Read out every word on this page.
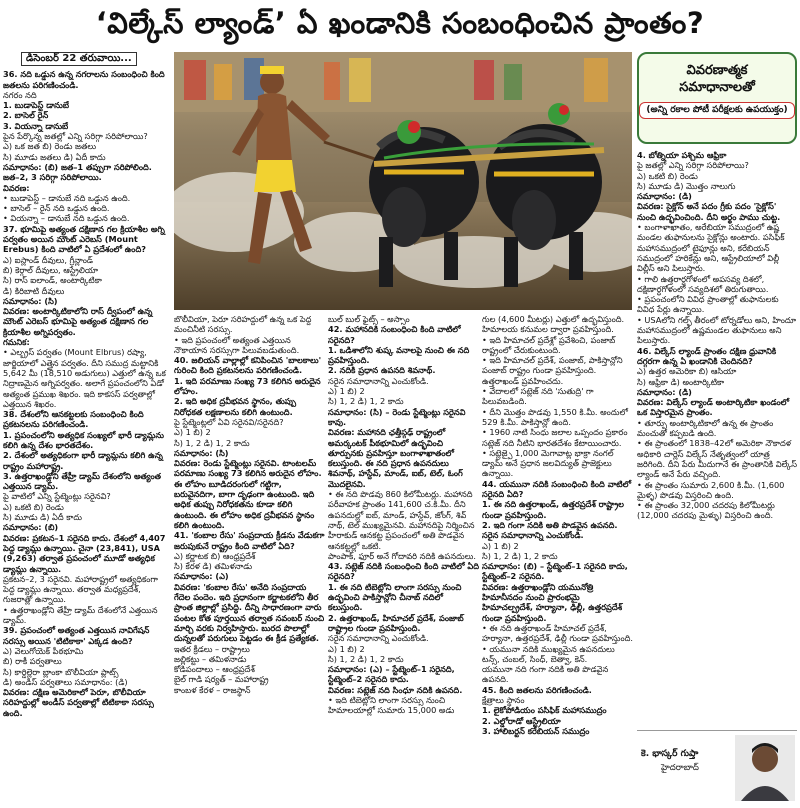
‘విల్కేస్ ల్యాండ్’ ఏ ఖండానికి సంబంధించిన ప్రాంతం?
డిసెంబర్ 22 తరువాయి...

36. నది ఒడ్డున ఉన్న నగరాలను సంబంధించి కింది జతలను పరిగణించండి.

నగరం నది

1. బుడాపెస్ట్ డానుబే

2. బాసెల్ రైన్

3. వియన్నా డానుబే

పైన పేర్కొన్న జతల్లో ఎన్ని సరిగ్గా సరిపోలాయి?

ఎ) ఒక జత బి) రెండు జతలు

సి) మూడు జతలు డి) ఏదీ కాదు

సమాధానం: (బి) జత–1 తప్పుగా సరిపోలింది. జత–2, 3 సరిగ్గా సరిపోలాయి.

వివరణ:

• బుడాపెస్ట్ – డానుబే నది ఒడ్డున ఉంది.

• బాసెల్ – రైన్ నది ఒడ్డున ఉంది.

• వియన్నా – డానుబే నది ఒడ్డున ఉంది.

37. భూమిపై అత్యంత దక్షిణాన గల క్రియాశీల అగ్ని పర్వతం అయిన మౌంట్ ఎరెబస్ (Mount Erebus) కింది వాటిలో ఏ ప్రదేశంలో ఉంది?

ఎ) ఐస్లాండ్ దీవులు, గ్రీన్లాండ్

బి) కెర్గాల్ దీవులు, ఆస్ట్రేలియా

సి) రాస్ ఐలాండ్, అంటార్కిటికా

డి) కిరిబాటి దీవులు

సమాధానం: (సి)

వివరణ: అంటార్కిటికాలోని రాస్ ద్వీపంలో ఉన్న మౌంట్ ఎరెబస్ భూమిపై అత్యంత దక్షిణాన గల క్రియాశీల అగ్నిపర్వతం.

గమనిక:

• ఎల్బ్రస్ పర్వతం (Mount Elbrus) రష్యా, జార్జియాలో ఎత్తైన పర్వతం. దీని సముద్ర మట్టానికి 5,642 మీ (18,510 అడుగులు) ఎత్తులో ఉన్న ఒక నిద్రాణమైన అగ్నిపర్వతం. అలాగే ప్రపంచంలోని ఏడో అత్యంత ప్రముఖ శిఖరం. ఇది కాకసస్ పర్వతాల్లో ఎత్తయిన శిఖరం.

38. దేశంలోని ఆనకట్టలకు సంబంధించి కింది ప్రకటనలను పరిగణించండి.

1. ప్రపంచంలోని అత్యధిక సంఖ్యలో భారీ డ్యామ్లను కలిగి ఉన్న దేశం భారతదేశం.

2. దేశంలో అత్యధికంగా భారీ డ్యామ్లను కలిగి ఉన్న రాష్ట్రం మహారాష్ట్ర.

3. ఉత్తరాఖండ్లోని తేహ్రీ డ్యామ్ దేశంలోని అత్యంత ఎత్తయిన డ్యామ్.

పై వాటిలో ఎన్ని స్టేట్మెంట్లు సరైనవి?

ఎ) ఒకటి బి) రెండు

సి) మూడు డి) ఏదీ కాదు

సమాధానం: (బి)

వివరణ: ప్రకటన–1 సరైనది కాదు. దేశంలో 4,407 పెద్ద డ్యామ్లు ఉన్నాయి. చైనా (23,841), USA (9,263) తర్వాత ప్రపంచంలో మూడో అత్యధిక డ్యామ్లు ఉన్నాయి.

ప్రకటన–2, 3 సరైనవి. మహారాష్ట్రలో అత్యధికంగా పెద్ద డ్యామ్లు ఉన్నాయి. తర్వాత మధ్యప్రదేశ్, గుజరాత్లో ఉన్నాయి.

• ఉత్తరాఖండ్లోని తేహ్రీ డ్యామ్ దేశంలోనే ఎత్తయిన డ్యామ్.

39. ప్రపంచంలో అత్యంత ఎత్తయిన నావిగేషన్ సరస్సు అయిన 'టిటికాకా' ఎక్కడ ఉంది?

ఎ) వెలుగోయెక్ పీఠభూమి

బి) రాకీ పర్వతాలు

సి) కార్డిల్లెరా బ్లాంకా బొలీవియా ప్లాట్స్

డి) అండీస్ పర్వతాలు సమాధానం: (డి)

వివరణ: దక్షిణ అమెరికాలో పెరూ, బొలీవియా సరిహద్దుల్లో అండీస్ పర్వతాల్లో టిటికాకా సరస్సు ఉంది.

బొలీవియా, పెరూ సరిహద్దులో ఉన్న ఒక పెద్ద మంచినీటి సరస్సు.

• ఇది ప్రపంచంలో అత్యంత ఎత్తయిన నౌకాయాన సరస్సుగా పిలువబడుతుంది.

40. జలియన్ వాల్లాల్లో కనిపించిన 'బాలకాలు' గురించి కింది ప్రకటనలను పరిగణించండి.

1. ఇది పరమాణు సంఖ్య 73 కలిగిన అరుదైన లోహం.

2. ఇది అధిక ద్రవీభవన స్థానం, తుప్పు నిరోధకత లక్షణాలను కలిగి ఉంటుంది.

పై స్టేట్మెంట్లలో ఏవి సరైనవి/సరైనది?

ఎ) 1 బి) 2

సి) 1, 2 డి) 1, 2 కాదు

సమాధానం: (సి)

వివరణ: రెండు స్టేట్మెంట్లు సరైనవి. టాంటలమ్ పరమాణు సంఖ్య 73 కలిగిన అరుదైన లోహం. ఈ లోహం బూడిదరంగులో గట్టిగా, బరువైనదిగా, బాగా దృఢంగా ఉంటుంది. ఇది అధిక తుప్పు నిరోధకతను కూడా కలిగి ఉంటుంది. ఈ లోహం అధిక ద్రవీభవన స్థానం కలిగి ఉంటుంది.

41. 'కంబాల రేసు' సంప్రదాయ క్రీడను వేడుకగా జరుపుకునే రాష్ట్రం కింది వాటిలో ఏది?

ఎ) కర్ణాటక బి) ఆంధ్రప్రదేశ్

సి) కేరళ డి) తమిళనాడు

సమాధానం: (ఎ)

వివరణ: 'కంబాల రేసు' అనేది సంప్రదాయ గేదెల పందెం. ఇది ప్రధానంగా కర్ణాటకలోని తీర ప్రాంత జిల్లాల్లో ప్రసిద్ధి. దీన్ని సాధారణంగా వారు పంటల కోత పూర్తయిన తర్వాత నవంబర్ నుంచి మార్చి వరకు నిర్వహిస్తారు. బురద పొలాల్లో దున్నలతో పరుగులు పెట్టడం ఈ క్రీడ ప్రత్యేకత.

ఇతర క్రీడలు – రాష్ట్రాలు

జల్లికట్టు – తమిళనాడు

కోడిపందాలు – ఆంధ్రప్రదేశ్

బైల్ గాడి షర్యత్ – మహారాష్ట్ర

కాంబళ కేరళ – రాజస్థాన్

బుల్ బుల్ ఫైట్స్ – అస్సాం

42. మహానదికి సంబంధించి కింది వాటిలో సరైనది?

1. ఒడిశాలోని శుష్క వనాలపై నుంచి ఈ నది ప్రవహిస్తుంది.

2. నదికి ప్రధాన ఉపనది శివనాథ్.

సరైన సమాధానాన్ని ఎంచుకోండి.

ఎ) 1 బి) 2

సి) 1, 2 డి) 1, 2 కాదు

సమాధానం: (సి) – రెండు స్టేట్మెంట్లు సరైనవి కావు.

వివరణ: మహానది ఛత్తీస్గఢ్ రాష్ట్రంలో అమర్కంటక్ పీఠభూమిలో ఉద్భవించి తూర్పునకు ప్రవహిస్తూ బంగాళాఖాతంలో కలుస్తుంది. ఈ నది ప్రధాన ఉపనదులు శివనాథ్, హస్దేవ్, మాండ్, ఐబ్, టెల్, ఓంగ్ మొదలైనవి.

• ఈ నది పొడవు 860 కిలోమీటర్లు. మహానది పరీవాహక ప్రాంతం 141,600 చ.కి.మీ. దీని ఉపనదుల్లో ఐబ్, మాండ్, హస్దేవ్, జోంగ్, శివ్ నాథ్, టెల్ ముఖ్యమైనవి. మహానదిపై నిర్మించిన హీరాకుడ్ ఆనకట్ట ప్రపంచంలో అతి పొడవైన ఆనకట్టల్లో ఒకటి.

పాంపాక్, ఫూర్ అనే గోదావరి నదికి ఉపనదులు.

43. సట్లెజ్ నదికి సంబంధించి కింది వాటిలో ఏది సరైనది?

1. ఈ నది టిబెట్లోని లాంగా సరస్సు నుంచి ఉద్భవించి పాకిస్తాన్లోని చీనాబ్ నదిలో కలుస్తుంది.

2. ఉత్తరాఖండ్, హిమాచల్ ప్రదేశ్, పంజాబ్ రాష్ట్రాల గుండా ప్రవహిస్తుంది.

సరైన సమాధానాన్ని ఎంచుకోండి.

ఎ) 1 బి) 2

సి) 1, 2 డి) 1, 2 కాదు

సమాధానం: (ఎ) – స్టేట్మెంట్–1 సరైనది, స్టేట్మెంట్–2 సరైనది కాదు.

వివరణ: సట్లెజ్ నది సింధూ నదికి ఉపనది.

• ఇది టిబెట్లోని లాంగా సరస్సు నుంచి హిమాలయాల్లో సుమారు 15,000 అడు

గుల (4,600 మీటర్లు) ఎత్తులో ఉద్భవిస్తుంది. హిమాలయ కనుమల ద్వారా ప్రవహిస్తుంది.

• ఇది హిమాచల్ ప్రదేశ్లో ప్రవేశించి, పంజాబ్ రాష్ట్రంలో చేరుకుంటుంది.

• ఇది హిమాచల్ ప్రదేశ్, పంజాబ్, పాకిస్తాన్లోని పంజాబ్ రాష్ట్రం గుండా ప్రవహిస్తుంది. ఉత్తరాఖండ్ ప్రవహించదు.

• వేదాలలో సట్లెజ్ నది 'సుతుద్రి' గా పిలువబడింది.

• దీని మొత్తం పొడవు 1,550 కి.మీ. అందులో 529 కి.మీ. పాకిస్తాన్లో ఉంది.

• 1960 నాటి సింధు జలాల ఒప్పందం ప్రకారం సట్లెజ్ నది నీటిని భారతదేశం కేటాయించారు.

• సట్లెజ్పై 1,000 మెగావాట్ల భాక్రా నంగల్ డ్యామ్ అనే ప్రధాన జలవిద్యుత్ ప్రాజెక్టులు ఉన్నాయి.

44. యమునా నదికి సంబంధించి కింది వాటిలో సరైనది ఏది?

1. ఈ నది ఉత్తరాఖండ్, ఉత్తరప్రదేశ్ రాష్ట్రాల గుండా ప్రవహిస్తుంది.

2. ఇది గంగా నదికి అతి పొడవైన ఉపనది. సరైన సమాధానాన్ని ఎంచుకోండి.

ఎ) 1 బి) 2

సి) 1, 2 డి) 1, 2 కాదు

సమాధానం: (బి) – స్టేట్మెంట్–1 సరైనది కాదు, స్టేట్మెంట్–2 సరైనది.

వివరణ: ఉత్తరాఖండ్లోని యమునోత్రి హిమానీనదం నుంచి ప్రారంభమై హిమాచల్ప్రదేశ్, హర్యానా, ఢిల్లీ, ఉత్తరప్రదేశ్ గుండా ప్రవహిస్తుంది.

• ఈ నది ఉత్తరాఖండ్ హిమాచల్ ప్రదేశ్, హర్యానా, ఉత్తరప్రదేశ్, ఢిల్లీ గుండా ప్రవహిస్తుంది.

• యమునా నదికి ముఖ్యమైన ఉపనదులు టన్స్, చంబల్, సింధ్, బెత్వా, కెన్.

యమునా నది గంగా నదికి అతి పొడవైన ఉపనది.

45. కింది జతలను పరిగణించండి.

క్షేత్రాలు స్థానం

1. లైకోపోడియం పసిఫిక్ మహాసముద్రం

2. ఎల్డోరాడో ఆస్ట్రేలియా

3. హాలిబర్టన్ కరేబియన్ సముద్రం

వివరణాత్మక
సమాధానాలతో
(అన్ని రకాల పోటీ పరీక్షలకు ఉపయుక్తం)

4. బోత్నియా పశ్చిమ ఆఫ్రికా

పై జతల్లో ఎన్ని సరిగ్గా సరిపోలాయి?

ఎ) ఒకటి బి) రెండు

సి) మూడు డి) మొత్తం నాలుగు

సమాధానం: (డి)

వివరణ: సైక్లోన్ అనే పదం గ్రీకు పదం 'సైక్లోస్' నుంచి ఉద్భవించింది. దీని అర్థం పాము చుట్ట.

• బంగాళాఖాతం, అరేబియా సముద్రంలో ఉష్ణ మండల తుఫానులను సైక్లోన్లు అంటారు. పసిఫిక్ మహాసముద్రంలో టైఫూన్లు అని, కరేబియన్ సముద్రంలో హరికేన్లు అని, ఆస్ట్రేలియాలో విల్లీ విల్లీస్ అని పిలుస్తారు.

• గాలి ఉత్తరార్ధగోళంలో అపసవ్య దిశలో, దక్షిణార్ధగోళంలో సవ్యదిశలో తిరుగుతాయి.

• ప్రపంచంలోని వివిధ ప్రాంతాల్లో తుఫానులకు వివిధ పేర్లు ఉన్నాయి.

• USAలోని గల్ఫ్ తీరంలో టోర్నడోలు అని, హిందూ మహాసముద్రంలో ఉష్ణమండల తుఫానులు అని పిలుస్తారు.

46. విల్కేస్ ల్యాండ్ ప్రాంతం దక్షిణ ధ్రువానికి దగ్గరగా ఉన్న ఏ ఖండానికి చెందినది?

ఎ) ఉత్తర అమెరికా బి) ఆసియా

సి) ఆఫ్రికా డి) అంటార్కిటికా

సమాధానం: (డి)

వివరణ: విల్కేస్ ల్యాండ్ అంటార్కిటికా ఖండంలో ఒక విస్తారమైన ప్రాంతం.

• తూర్పు అంటార్కిటికాలో ఉన్న ఈ ప్రాంతం మంచుతో కప్పబడి ఉంది.

• ఈ ప్రాంతంలో 1838–42లో అమెరికా నౌకాదళ అధికారి చార్లెస్ విల్కేస్ నేతృత్వంలో యాత్ర జరిగింది. దీని పేరు మీదుగానే ఈ ప్రాంతానికి విల్కేస్ ల్యాండ్ అనే పేరు వచ్చింది.

• ఈ ప్రాంతం సుమారు 2,600 కి.మీ. (1,600 మైళ్ళ) పొడవు విస్తరించి ఉంది.

• ఈ ప్రాంతం 32,000 చదరపు కిలోమీటర్లు (12,000 చదరపు మైళ్ళు) విస్తరించి ఉంది.

కె. భాస్కర్ గుప్తా
హైదరాబాద్
